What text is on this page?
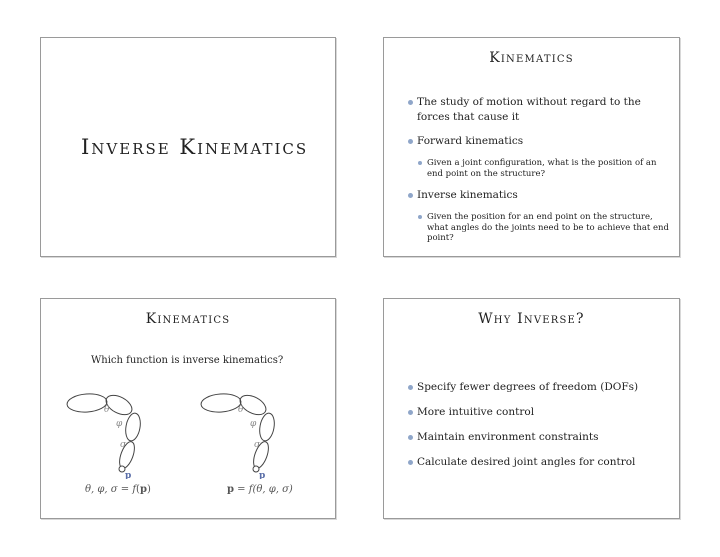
Inverse Kinematics
Kinematics
The study of motion without regard to the forces that cause it
Forward kinematics
Given a joint configuration, what is the position of an end point on the structure?
Inverse kinematics
Given the position for an end point on the structure, what angles do the joints need to be to achieve that end point?
Kinematics
Which function is inverse kinematics?
θ
φ
σ
p
θ
φ
σ
p
θ, φ, σ = f(p)	p = f(θ, φ, σ)
Why Inverse?
Specify fewer degrees of freedom (DOFs)
More intuitive control
Maintain environment constraints
Calculate desired joint angles for control
